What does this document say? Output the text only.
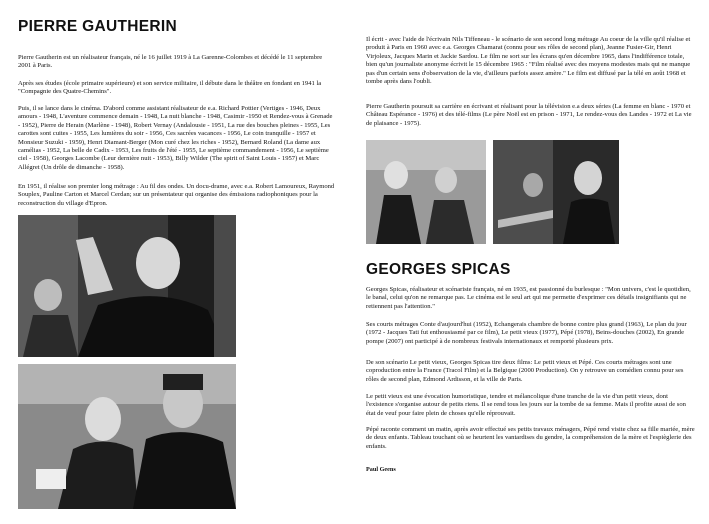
PIERRE GAUTHERIN

Pierre Gautherin est un réalisateur français, né le 16 juillet 1919 à La Garenne-Colombes et décédé le 11 septembre 2001 à Paris.

Après ses études (école primaire supérieure) et son service militaire, il débute dans le théâtre en fondant en 1941 la "Compagnie des Quatre-Chemins".

Puis, il se lance dans le cinéma. D'abord comme assistant réalisateur de e.a. Richard Pottier (Vertiges - 1946, Deux amours - 1948, L'aventure commence demain - 1948, La nuit blanche - 1948, Casimir -1950 et Rendez-vous à Grenade - 1952), Pierre de Herain (Marlène - 1948), Robert Vernay (Andalousie - 1951, La rue des bouches pleines - 1955, Les carottes sont cuites - 1955, Les lumières du soir - 1956, Ces sacrées vacances - 1956, Le coin tranquille - 1957 et Monsieur Suzuki - 1959), Henri Diamant-Berger (Mon curé chez les riches - 1952), Bernard Roland (La dame aux camélias - 1952, La belle de Cadix - 1953, Les fruits de l'été - 1955, Le septième commandement - 1956, Le septième ciel - 1958), Georges Lacombe (Leur dernière nuit - 1953), Billy Wilder (The spirit of Saint Louis - 1957) et Marc Allégret (Un drôle de dimanche - 1958).

En 1951, il réalise son premier long métrage : Au fil des ondes. Un docu-drame, avec e.a. Robert Lamoureux, Raymond Souplex, Pauline Carton et Marcel Cerdan; sur un présentateur qui organise des émissions radiophoniques pour la reconstruction du village d'Epron.

Il écrit - avec l'aide de l'écrivain Nils Tiffeneau - le scénario de son second long métrage Au coeur de la ville qu'il réalise et produit à Paris en 1960 avec e.a. Georges Chamarat (connu pour ses rôles de second plan), Jeanne Fusier-Gir, Henri Virjoleux, Jacques Marin et Jackie Sardou. Le film ne sort sur les écrans qu'en décembre 1965, dans l'indifférence totale, bien qu'un journaliste anonyme écrivit le 15 décembre 1965 : "Film réalisé avec des moyens modestes mais qui ne manque pas d'un certain sens d'observation de la vie, d'ailleurs parfois assez amère." Le film est diffusé par la télé en août 1968 et tombe après dans l'oubli.

Pierre Gautherin poursuit sa carrière en écrivant et réalisant pour la télévision e.a deux séries (La femme en blanc - 1970 et Château Espérance - 1976) et des télé-films (Le père Noël est en prison - 1971, Le rendez-vous des Landes - 1972 et La vie de plaisance - 1975).

GEORGES SPICAS

Georges Spicas, réalisateur et scénariste français, né en 1935, est passionné du burlesque : "Mon univers, c'est le quotidien, le banal, celui qu'on ne remarque pas. Le cinéma est le seul art qui me permette d'exprimer ces détails insignifiants qui ne retiennent pas l'attention."

Ses courts métrages Conte d'aujourd'hui (1952), Echangerais chambre de bonne contre plus grand (1963), Le plan du jour (1972 - Jacques Tati fut enthousiasmé par ce film), Le petit vieux (1977), Pépé (1978), Beins-douches (2002), En grande pompe (2007) ont participé à de nombreux festivals internationaux et remporté plusieurs prix.

De son scénario Le petit vieux, Georges Spicas tire deux films: Le petit vieux et Pépé. Ces courts métrages sont une coproduction entre la France (Tracol Film) et la Belgique (2000 Production). On y retrouve un comédien connu pour ses rôles de second plan, Edmond Ardisson, et la ville de Paris.

Le petit vieux est une évocation humoristique, tendre et mélancolique d'une tranche de la vie d'un petit vieux, dont l'existence s'organise autour de petits riens. Il se rend tous les jours sur la tombe de sa femme. Mais il profite aussi de son état de veuf pour faire plein de choses qu'elle réprouvait.

Pépé raconte comment un matin, après avoir effectué ses petits travaux ménagers, Pépé rend visite chez sa fille mariée, mère de deux enfants. Tableau touchant où se heurtent les vantardises du gendre, la compréhension de la mère et l'espièglerie des enfants.

Paul Geens
